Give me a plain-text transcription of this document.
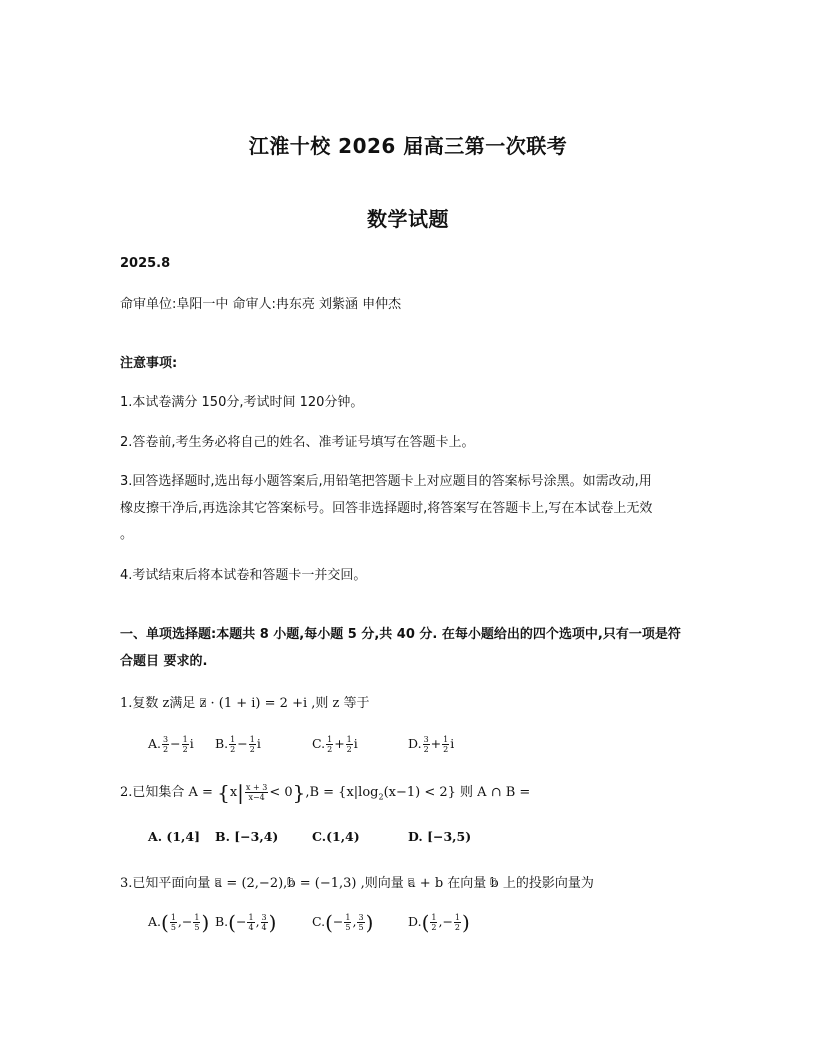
江淮十校 2026 届高三第一次联考
数学试题
2025.8
命审单位:阜阳一中 命审人:冉东亮 刘紫涵 申仲杰
注意事项:
1.本试卷满分 150分,考试时间 120分钟。
2.答卷前,考生务必将自己的姓名、准考证号填写在答题卡上。
3.回答选择题时,选出每小题答案后,用铅笔把答题卡上对应题目的答案标号涂黑。如需改动,用
橡皮擦干净后,再选涂其它答案标号。回答非选择题时,将答案写在答题卡上,写在本试卷上无效
。
4.考试结束后将本试卷和答题卡一并交回。
一、单项选择题:本题共 8 小题,每小题 5 分,共 40 分. 在每小题给出的四个选项中,只有一项是符
合题目 要求的.
1.复数 z满足 z · (1 + i) = 2 +i ,则 z 等于
A. $\frac{3}{2} - \frac{1}{2}$ i B. $\frac{1}{2} - \frac{1}{2}$ i	C. $\frac{1}{2} + \frac{1}{2}$ i	D. $\frac{3}{2} + \frac{1}{2}$ i
2.已知集合 $A = \{x| \frac{x + 3}{x-4} < 0\},B = \{x|\log_2(x-1) < 2\}$ 则 A ∩ B =
A. (1,4] B. [−3,4)	C.(1,4)	D. [−3,5)
3.已知平面向量 a = (2,−2),b = (−1,3) ,则向量 a + b 在向量 b 上的投影向量为
$A.( \frac{1}{5}$ ,− $\frac{1}{5}$ ) $B.(- \frac{1}{4}$ , $\frac{3}{4}$ )	$C.(- \frac{1}{5}$ , $\frac{3}{5}$ )	$D.( \frac{1}{2}$ ,− $\frac{1}{2}$ )
